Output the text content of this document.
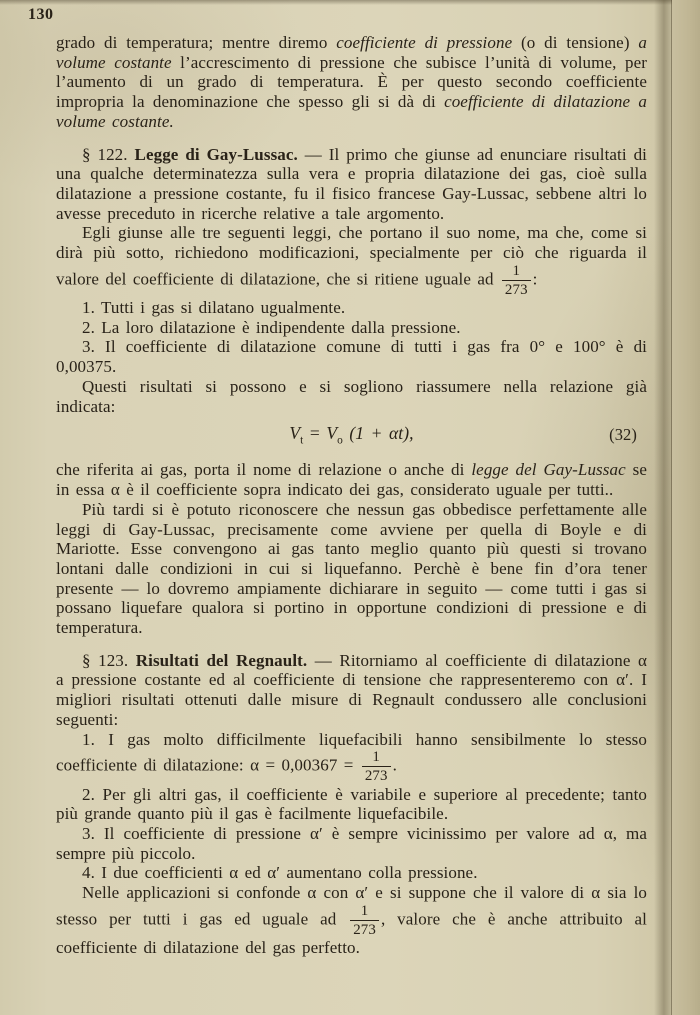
130

grado di temperatura; mentre diremo coefficiente di pressione (o di tensione) a volume costante l’accrescimento di pressione che subisce l’unità di volume, per l’aumento di un grado di temperatura. È per questo secondo coefficiente impropria la denominazione che spesso gli si dà di coefficiente di dilatazione a volume costante.

§ 122. Legge di Gay-Lussac. — Il primo che giunse ad enunciare risultati di una qualche determinatezza sulla vera e propria dilatazione dei gas, cioè sulla dilatazione a pressione costante, fu il fisico francese Gay-Lussac, sebbene altri lo avesse preceduto in ricerche relative a tale argomento.

Egli giunse alle tre seguenti leggi, che portano il suo nome, ma che, come si dirà più sotto, richiedono modificazioni, specialmente per ciò che riguarda il valore del coefficiente di dilatazione, che si ritiene uguale ad $\frac{1}{273}$ :

1. Tutti i gas si dilatano ugualmente.

2. La loro dilatazione è indipendente dalla pressione.

3. Il coefficiente di dilatazione comune di tutti i gas fra 0° e 100° è di 0,00375.

Questi risultati si possono e si sogliono riassumere nella relazione già indicata:

$V_t = V_o$ (1 + αt),	(32)

che riferita ai gas, porta il nome di relazione o anche di legge del Gay-Lussac se in essa α è il coefficiente sopra indicato dei gas, considerato uguale per tutti..

Più tardi si è potuto riconoscere che nessun gas obbedisce perfettamente alle leggi di Gay-Lussac, precisamente come avviene per quella di Boyle e di Mariotte. Esse convengono ai gas tanto meglio quanto più questi si trovano lontani dalle condizioni in cui si liquefanno. Perchè è bene fin d’ora tener presente — lo dovremo ampiamente dichiarare in seguito — come tutti i gas si possano liquefare qualora si portino in opportune condizioni di pressione e di temperatura.

§ 123. Risultati del Regnault. — Ritorniamo al coefficiente di dilatazione α a pressione costante ed al coefficiente di tensione che rappresenteremo con α′. I migliori risultati ottenuti dalle misure di Regnault condussero alle conclusioni seguenti:

1. I gas molto difficilmente liquefacibili hanno sensibilmente lo stesso coefficiente di dilatazione: $\alpha = 0,00367 = \frac{1}{273}$ .

2. Per gli altri gas, il coefficiente è variabile e superiore al precedente; tanto più grande quanto più il gas è facilmente liquefacibile.

3. Il coefficiente di pressione α′ è sempre vicinissimo per valore ad α, ma sempre più piccolo.

4. I due coefficienti α ed α′ aumentano colla pressione.

Nelle applicazioni si confonde α con α′ e si suppone che il valore di α sia lo stesso per tutti i gas ed uguale ad $\frac{1}{273}$ , valore che è anche attribuito al coefficiente di dilatazione del gas perfetto.
